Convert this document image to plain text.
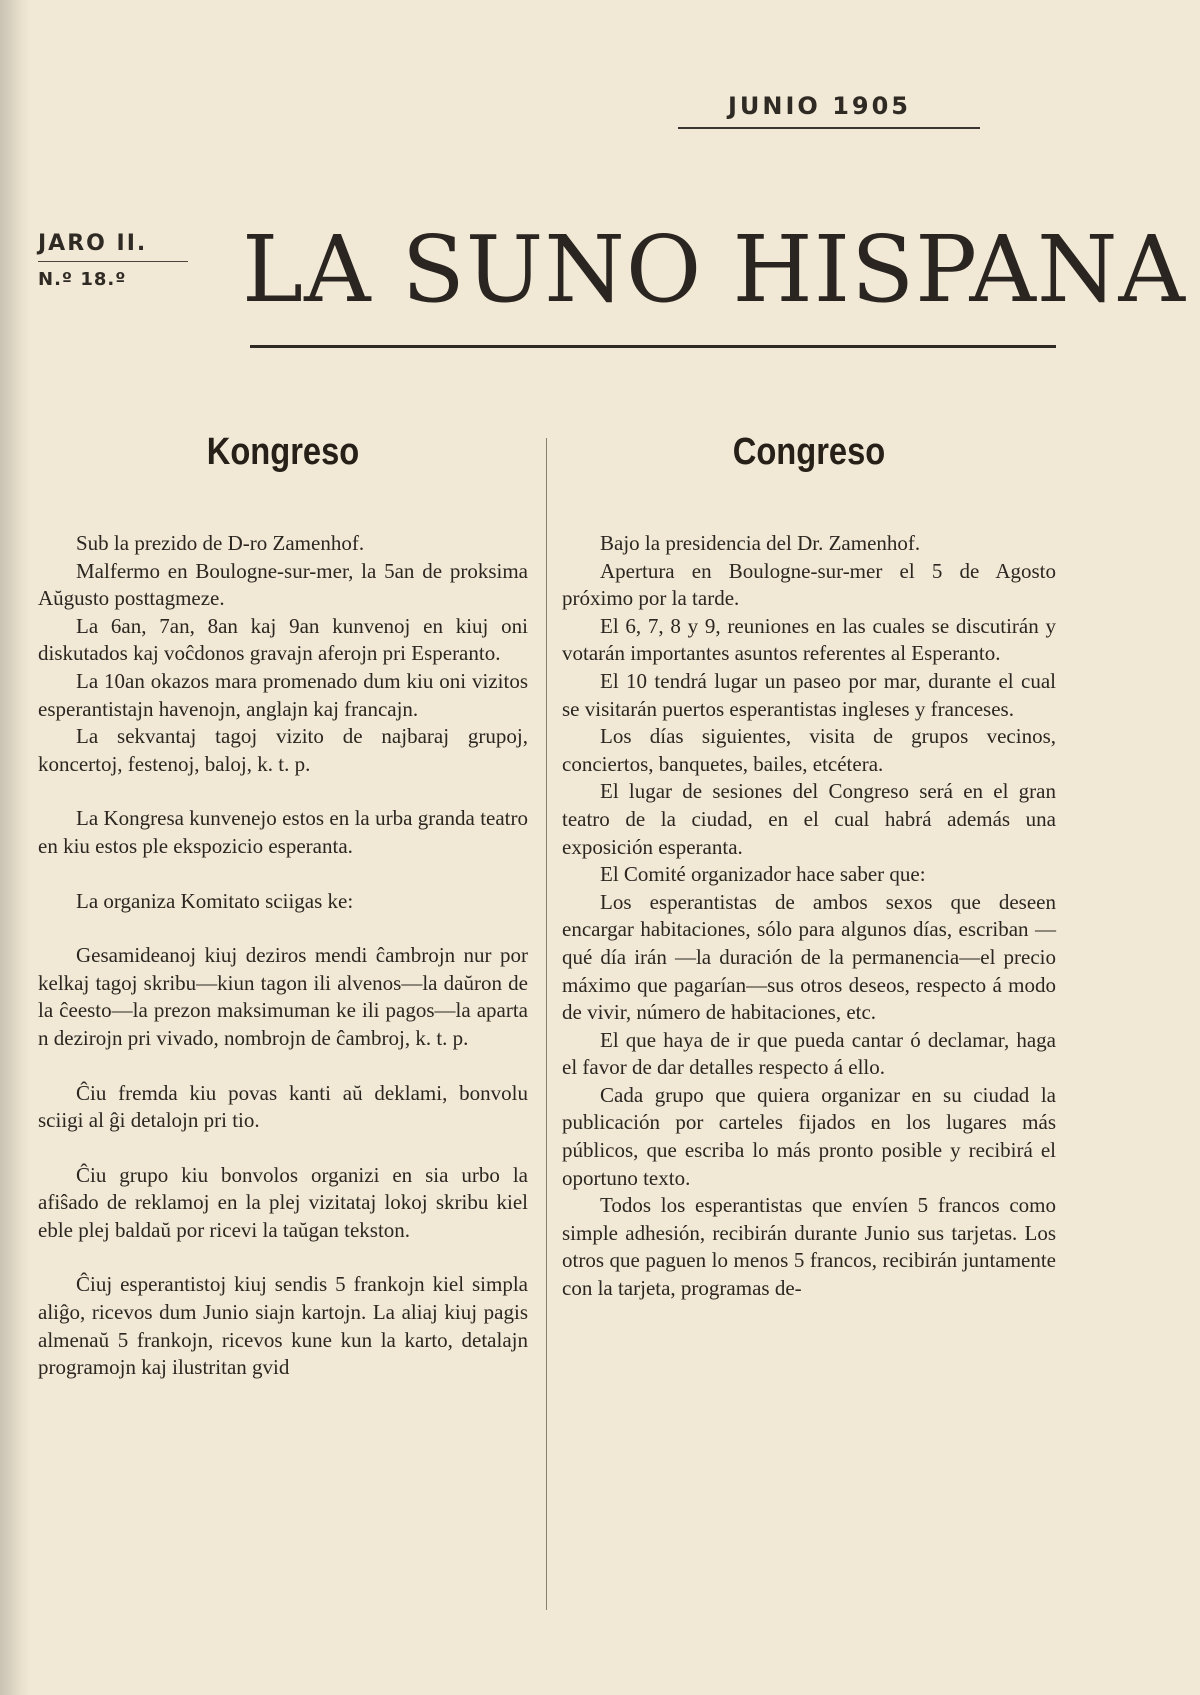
JUNIO 1905
JARO II.
N.º 18.º	LA SUNO HISPANA
Kongreso

Sub la prezido de D-ro Zamenhof.

Malfermo en Boulogne-sur-mer, la 5an de proksima Aŭgusto posttagmeze.

La 6an, 7an, 8an kaj 9an kunvenoj en kiuj oni diskutados kaj voĉdonos gravajn aferojn pri Esperanto.

La 10an okazos mara promenado dum kiu oni vizitos esperantistajn havenojn, anglajn kaj francajn.

La sekvantaj tagoj vizito de najbaraj grupoj, koncertoj, festenoj, baloj, k. t. p.

La Kongresa kunvenejo estos en la urba granda teatro en kiu estos ple ekspozicio esperanta.

La organiza Komitato sciigas ke:

Gesamideanoj kiuj deziros mendi ĉambrojn nur por kelkaj tagoj skribu—kiun tagon ili alvenos—la daŭron de la ĉeesto—la prezon maksimuman ke ili pagos—la aparta n dezirojn pri vivado, nombrojn de ĉambroj, k. t. p.

Ĉiu fremda kiu povas kanti aŭ deklami, bonvolu sciigi al ĝi detalojn pri tio.

Ĉiu grupo kiu bonvolos organizi en sia urbo la afiŝado de reklamoj en la plej vizitataj lokoj skribu kiel eble plej baldaŭ por ricevi la taŭgan tekston.

Ĉiuj esperantistoj kiuj sendis 5 frankojn kiel simpla aliĝo, ricevos dum Junio siajn kartojn. La aliaj kiuj pagis almenaŭ 5 frankojn, ricevos kune kun la karto, detalajn programojn kaj ilustritan gvid

Congreso

Bajo la presidencia del Dr. Zamenhof.

Apertura en Boulogne-sur-mer el 5 de Agosto próximo por la tarde.

El 6, 7, 8 y 9, reuniones en las cuales se discutirán y votarán importantes asuntos referentes al Esperanto.

El 10 tendrá lugar un paseo por mar, durante el cual se visitarán puertos esperantistas ingleses y franceses.

Los días siguientes, visita de grupos vecinos, conciertos, banquetes, bailes, etcétera.

El lugar de sesiones del Congreso será en el gran teatro de la ciudad, en el cual habrá además una exposición esperanta.

El Comité organizador hace saber que:

Los esperantistas de ambos sexos que deseen encargar habitaciones, sólo para algunos días, escriban —qué día irán —la duración de la permanencia—el precio máximo que pagarían—sus otros deseos, respecto á modo de vivir, número de habitaciones, etc.

El que haya de ir que pueda cantar ó declamar, haga el favor de dar detalles respecto á ello.

Cada grupo que quiera organizar en su ciudad la publicación por carteles fijados en los lugares más públicos, que escriba lo más pronto posible y recibirá el oportuno texto.

Todos los esperantistas que envíen 5 francos como simple adhesión, recibirán durante Junio sus tarjetas. Los otros que paguen lo menos 5 francos, recibirán juntamente con la tarjeta, programas de-
